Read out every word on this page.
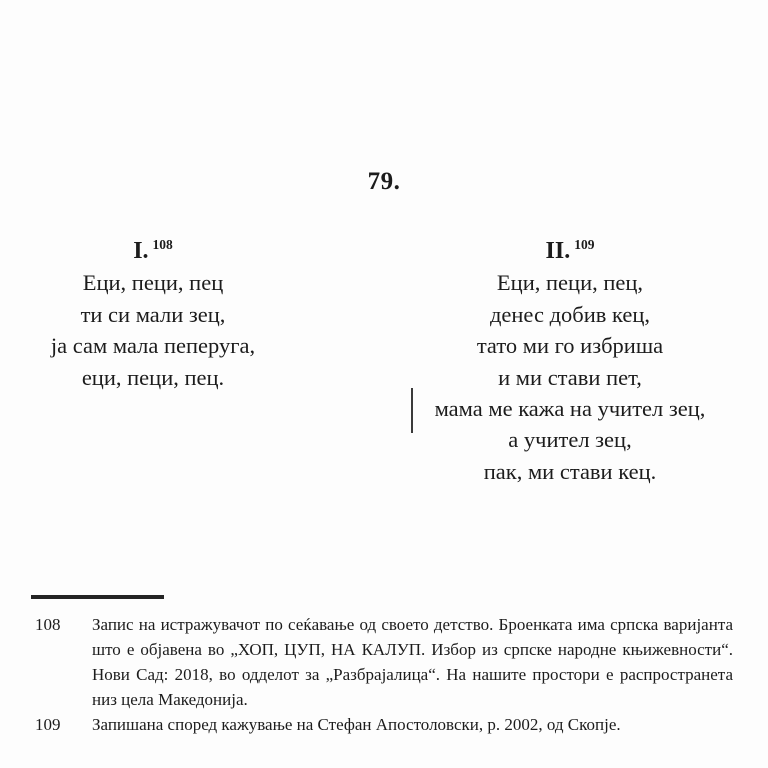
79.
I. $^{108}$
Еци, пеци, пец
ти си мали зец,
ја сам мала пеперуга,
еци, пеци, пец.
II. $^{109}$
Еци, пеци, пец,
денес добив кец,
тато ми го избриша
и ми стави пет,
мама ме кажа на учител зец,
а учител зец,
пак, ми стави кец.
108	Запис на истражувачот по сеќавање од своето детство. Броенката има српска варијанта што е објавена во „ХОП, ЦУП, НА КАЛУП. Избор из српске народне књижевности“. Нови Сад: 2018, во одделот за „Разбрајалица“. На нашите простори е распространета низ цела Македонија.
109	Запишана според кажување на Стефан Апостоловски, р. 2002, од Скопје.
